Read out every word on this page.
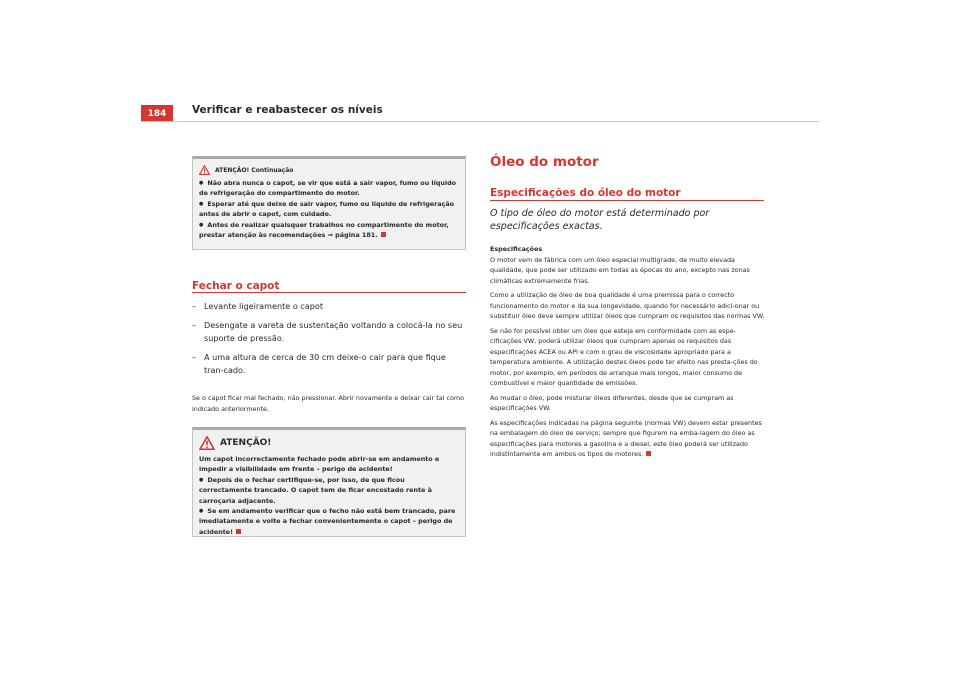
184	Verificar e reabastecer os níveis
ATENÇÃO! Continuação
● Não abra nunca o capot, se vir que está a sair vapor, fumo ou líquido de refrigeração do compartimento do motor.
● Esperar até que deixe de sair vapor, fumo ou líquido de refrigeração antes de abrir o capot, com cuidado.
● Antes de realizar quaisquer trabalhos no compartimento do motor, prestar atenção às recomendações ⇒ página 181.
Fechar o capot
– Levante ligeiramente o capot
– Desengate a vareta de sustentação voltando a colocá-la no seu suporte de pressão.
– A uma altura de cerca de 30 cm deixe-o cair para que fique tran-cado.
Se o capot ficar mal fechado, não pressionar. Abrir novamente e deixar cair tal como indicado anteriormente.
ATENÇÃO!
Um capot incorrectamente fechado pode abrir-se em andamento e impedir a visibilidade em frente – perigo de acidente!
● Depois de o fechar certifique-se, por isso, de que ficou correctamente trancado. O capot tem de ficar encostado rente à carroçaria adjacente.
● Se em andamento verificar que o fecho não está bem trancado, pare imediatamente e volte a fechar convenientemente o capot – perigo de acidente!
Óleo do motor
Especificações do óleo do motor
O tipo de óleo do motor está determinado por especificações exactas.
Especificações
O motor vem de fábrica com um óleo especial multigrade, de muito elevada qualidade, que pode ser utilizado em todas as épocas do ano, excepto nas zonas climáticas extremamente frias.
Como a utilização de óleo de boa qualidade é uma premissa para o correcto funcionamento do motor e da sua longevidade, quando for necessário adici-onar ou substituir óleo deve sempre utilizar óleos que cumpram os requisitos das normas VW.
Se não for possível obter um óleo que esteja em conformidade com as espe-cificações VW, poderá utilizar óleos que cumpram apenas os requisitos das especificações ACEA ou API e com o grau de viscosidade apropriado para a temperatura ambiente. A utilização destes óleos pode ter efeito nas presta-ções do motor, por exemplo, em períodos de arranque mais longos, maior consumo de combustível e maior quantidade de emissões.
Ao mudar o óleo, pode misturar óleos diferentes, desde que se cumpram as especificações VW.
As especificações indicadas na página seguinte (normas VW) devem estar presentes na embalagem do óleo de serviço; sempre que figurem na emba-lagem do óleo as especificações para motores a gasolina e a diesel, este óleo poderá ser utilizado indistintamente em ambos os tipos de motores.
